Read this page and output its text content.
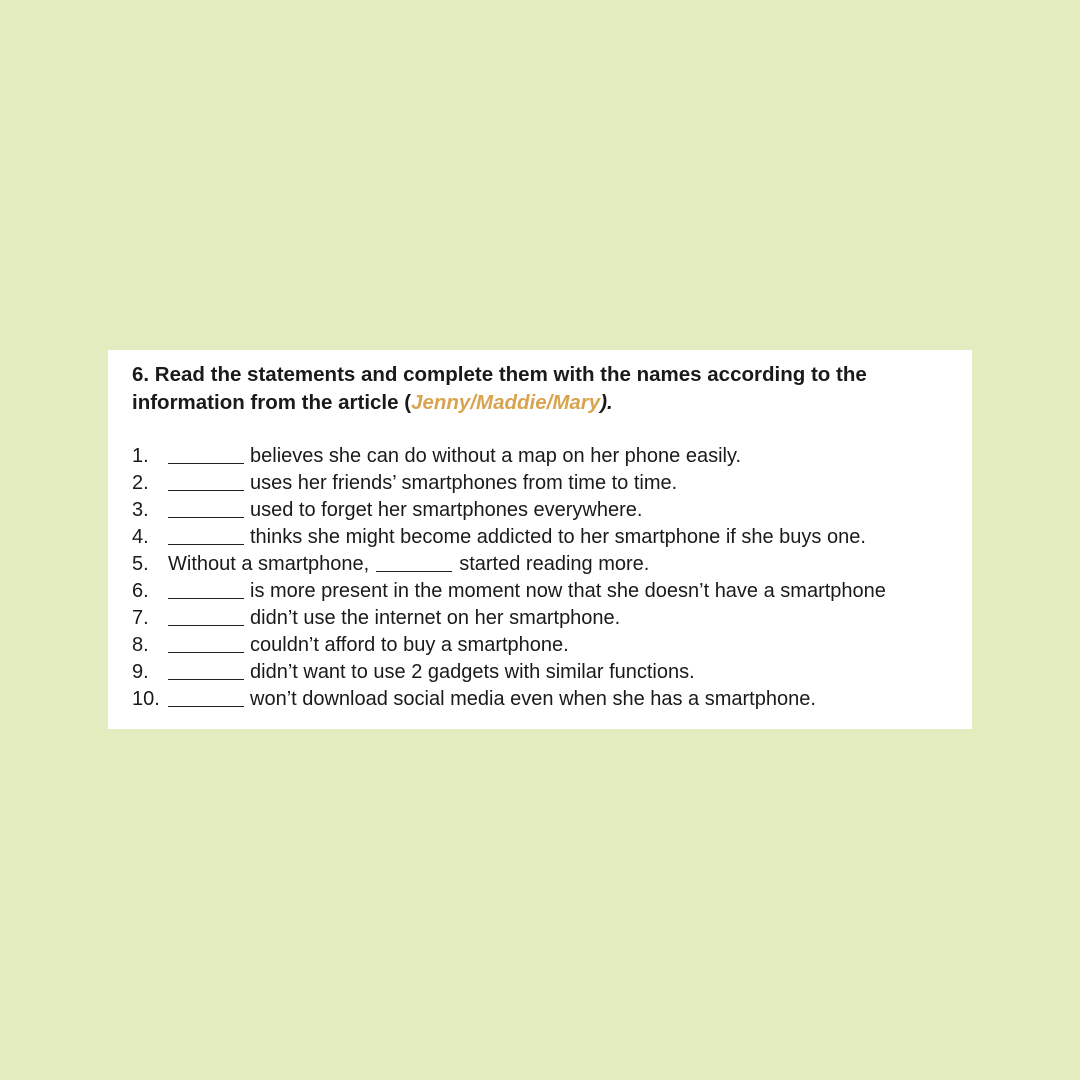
6. Read the statements and complete them with the names according to the information from the article (Jenny/Maddie/Mary).

1.	believes she can do without a map on her phone easily.
2.	uses her friends’ smartphones from time to time.
3.	used to forget her smartphones everywhere.
4.	thinks she might become addicted to her smartphone if she buys one.
5. Without a smartphone,	started reading more.
6.	is more present in the moment now that she doesn’t have a smartphone
7.	didn’t use the internet on her smartphone.
8.	couldn’t afford to buy a smartphone.
9.	didn’t want to use 2 gadgets with similar functions.
10.	won’t download social media even when she has a smartphone.
